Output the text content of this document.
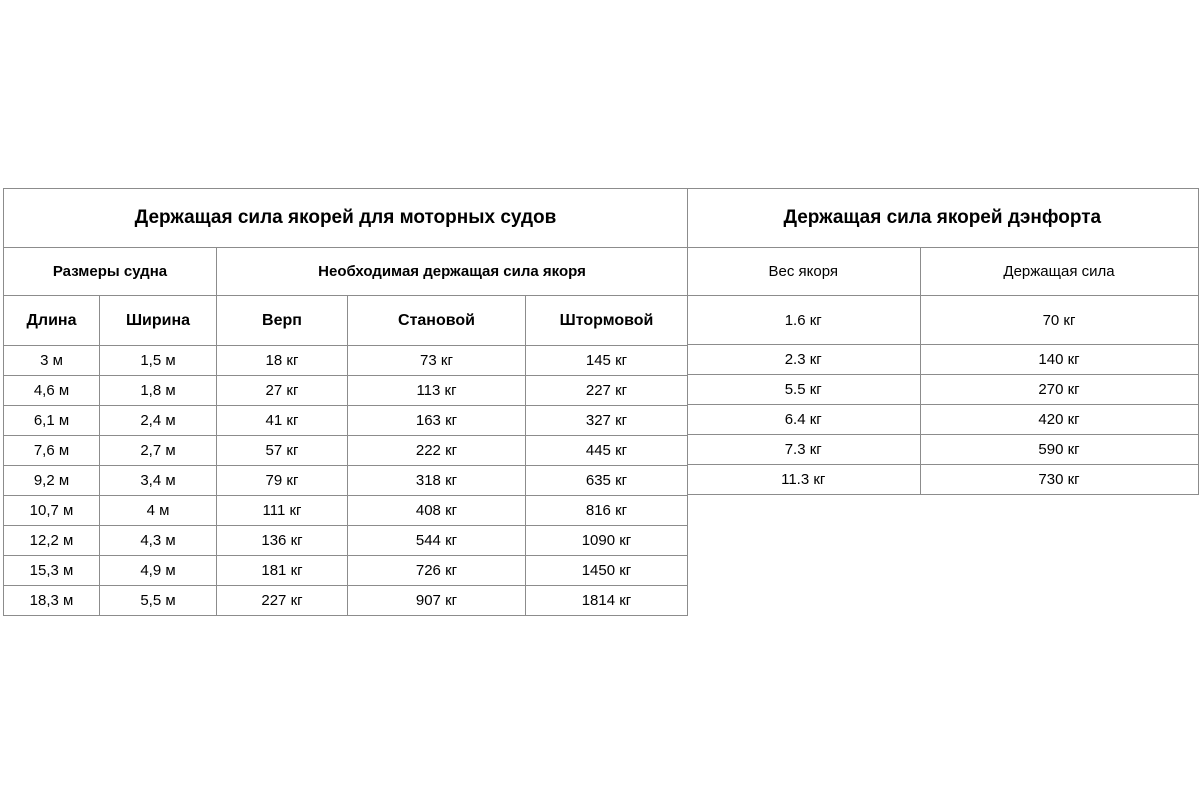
Держащая сила якорей для моторных судов				
Размеры судна		Необходимая держащая сила якоря		
Длина	Ширина	Верп	Становой	Штормовой
3 м	1,5 м	18 кг	73 кг	145 кг
4,6 м	1,8 м	27 кг	113 кг	227 кг
6,1 м	2,4 м	41 кг	163 кг	327 кг
7,6 м	2,7 м	57 кг	222 кг	445 кг
9,2 м	3,4 м	79 кг	318 кг	635 кг
10,7 м	4 м	111 кг	408 кг	816 кг
12,2 м	4,3 м	136 кг	544 кг	1090 кг
15,3 м	4,9 м	181 кг	726 кг	1450 кг
18,3 м	5,5 м	227 кг	907 кг	1814 кг
Держащая сила якорей дэнфорта	
Вес якоря	Держащая сила
1.6 кг	70 кг
2.3 кг	140 кг
5.5 кг	270 кг
6.4 кг	420 кг
7.3 кг	590 кг
11.3 кг	730 кг
